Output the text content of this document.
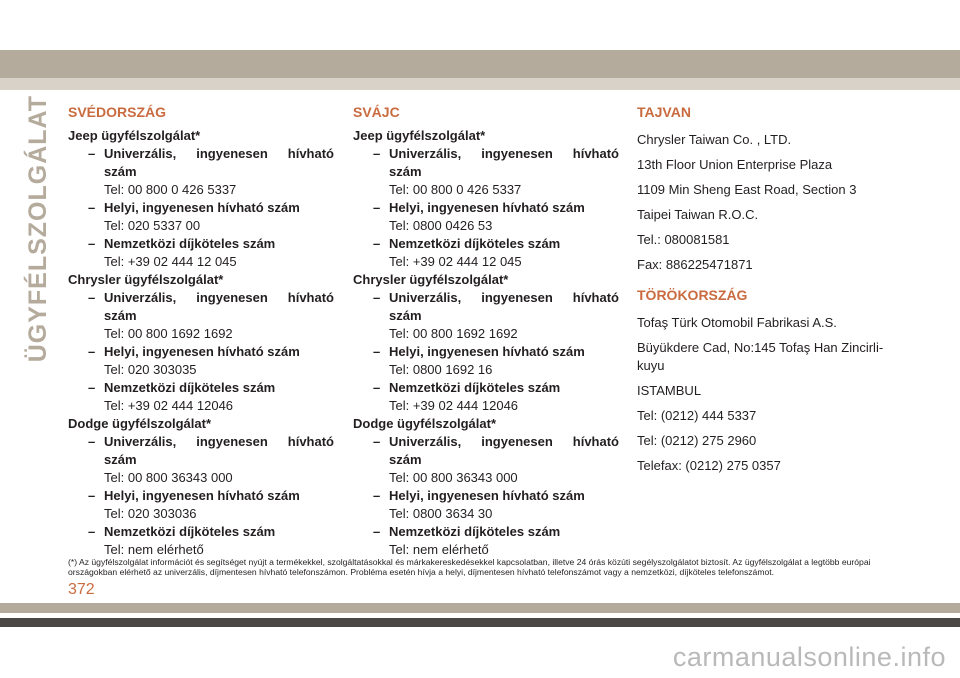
ÜGYFÉLSZOLGÁLAT SVÉDORSZÁG
Jeep ügyfélszolgálat*
– Univerzális, ingyenesen hívható szám
Tel: 00 800 0 426 5337
– Helyi, ingyenesen hívható szám
Tel: 020 5337 00
– Nemzetközi díjköteles szám
Tel: +39 02 444 12 045
Chrysler ügyfélszolgálat*
– Univerzális, ingyenesen hívható szám
Tel: 00 800 1692 1692
– Helyi, ingyenesen hívható szám
Tel: 020 303035
– Nemzetközi díjköteles szám
Tel: +39 02 444 12046
Dodge ügyfélszolgálat*
– Univerzális, ingyenesen hívható szám
Tel: 00 800 36343 000
– Helyi, ingyenesen hívható szám
Tel: 020 303036
– Nemzetközi díjköteles szám
Tel: nem elérhető
SVÁJC
Jeep ügyfélszolgálat*
– Univerzális, ingyenesen hívható szám
Tel: 00 800 0 426 5337
– Helyi, ingyenesen hívható szám
Tel: 0800 0426 53
– Nemzetközi díjköteles szám
Tel: +39 02 444 12 045
Chrysler ügyfélszolgálat*
– Univerzális, ingyenesen hívható szám
Tel: 00 800 1692 1692
– Helyi, ingyenesen hívható szám
Tel: 0800 1692 16
– Nemzetközi díjköteles szám
Tel: +39 02 444 12046
Dodge ügyfélszolgálat*
– Univerzális, ingyenesen hívható szám
Tel: 00 800 36343 000
– Helyi, ingyenesen hívható szám
Tel: 0800 3634 30
– Nemzetközi díjköteles szám
Tel: nem elérhető
TAJVAN

Chrysler Taiwan Co. , LTD.

13th Floor Union Enterprise Plaza

1109 Min Sheng East Road, Section 3

Taipei Taiwan R.O.C.

Tel.: 080081581

Fax: 886225471871

TÖRÖKORSZÁG

Tofaş Türk Otomobil Fabrikasi A.S.

Büyükdere Cad, No:145 Tofaş Han Zincirli-kuyu

ISTAMBUL

Tel: (0212) 444 5337

Tel: (0212) 275 2960

Telefax: (0212) 275 0357

(*) Az ügyfélszolgálat információt és segítséget nyújt a termékekkel, szolgáltatásokkal és márkakereskedésekkel kapcsolatban, illetve 24 órás közúti segélyszolgálatot biztosít. Az ügyfélszolgálat a legtöbb európai országokban elérhető az univerzális, díjmentesen hívható telefonszámon. Probléma esetén hívja a helyi, díjmentesen hívható telefonszámot vagy a nemzetközi, díjköteles telefonszámot.
372
carmanualsonline.info
